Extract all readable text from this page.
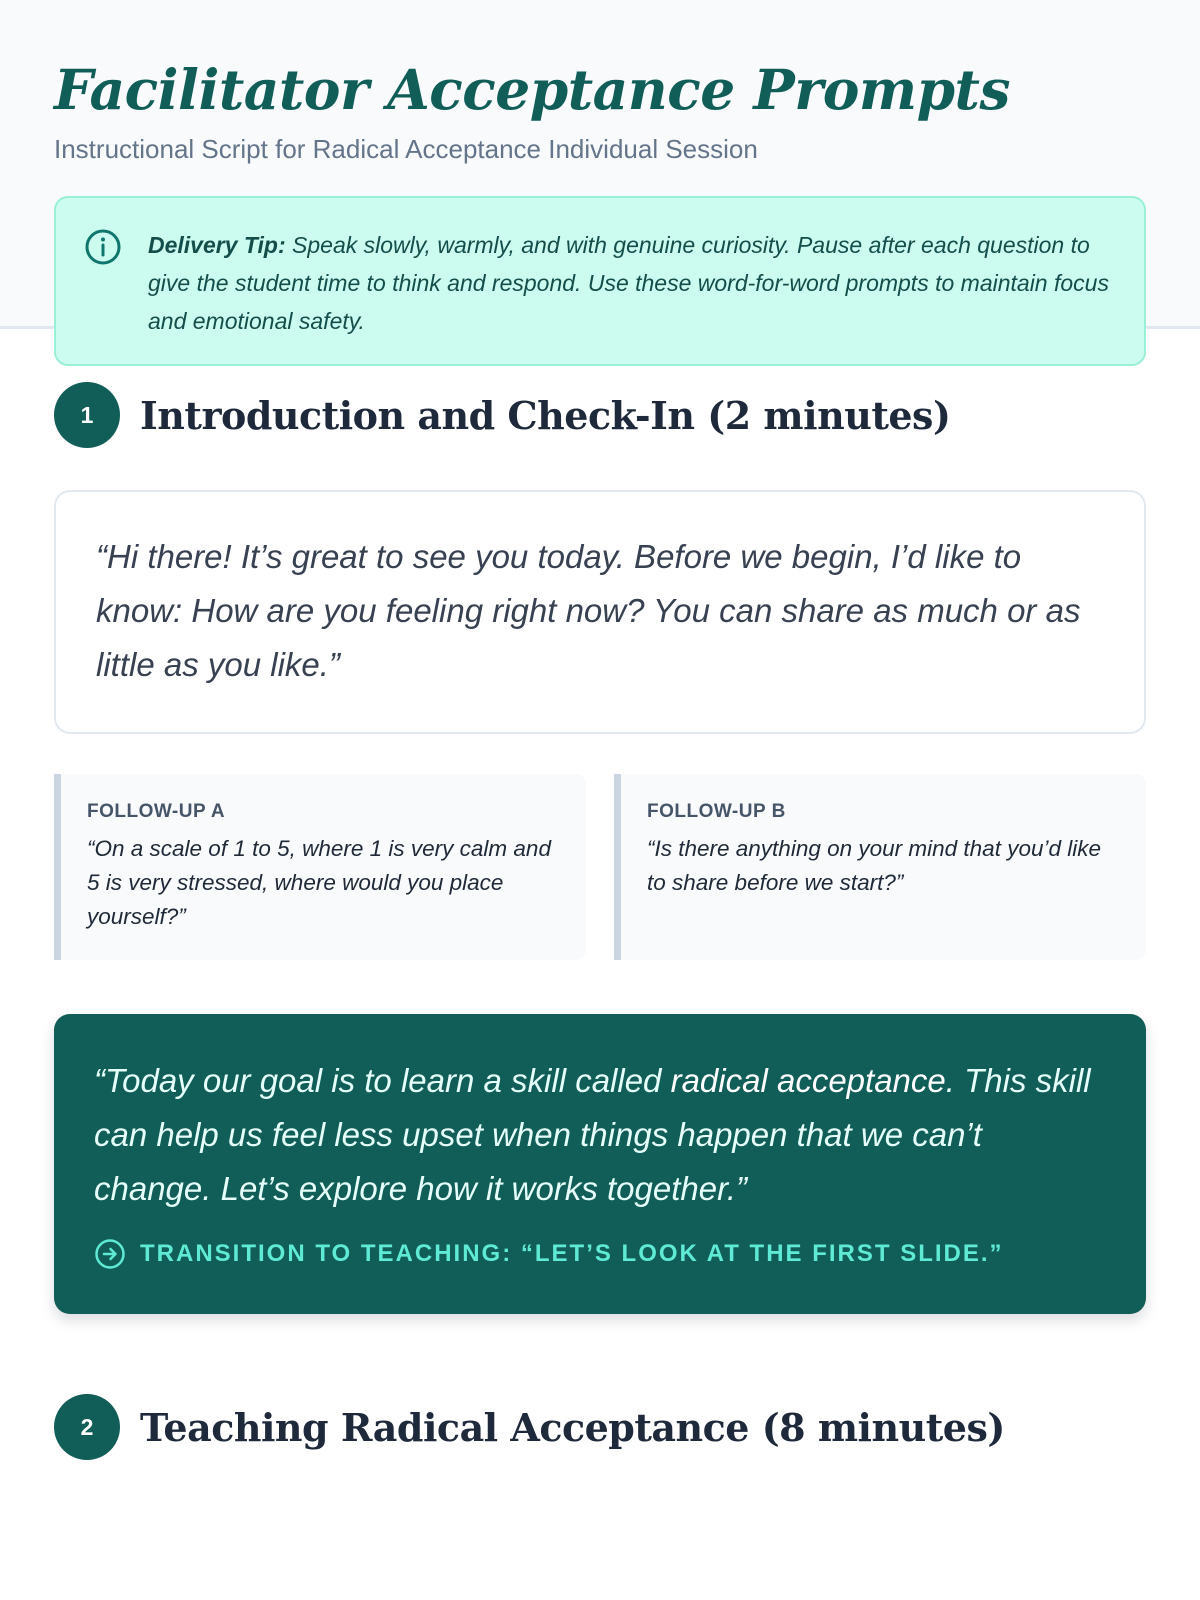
Facilitator Acceptance Prompts
Instructional Script for Radical Acceptance Individual Session
Delivery Tip: Speak slowly, warmly, and with genuine curiosity. Pause after each question to give the student time to think and respond. Use these word-for-word prompts to maintain focus and emotional safety.
1	Introduction and Check-In (2 minutes)
“Hi there! It’s great to see you today. Before we begin, I’d like to know: How are you feeling right now? You can share as much or as little as you like.”
FOLLOW-UP A
“On a scale of 1 to 5, where 1 is very calm and 5 is very stressed, where would you place yourself?”
FOLLOW-UP B
“Is there anything on your mind that you’d like to share before we start?”
“Today our goal is to learn a skill called radical acceptance. This skill can help us feel less upset when things happen that we can’t change. Let’s explore how it works together.”
TRANSITION TO TEACHING: “LET’S LOOK AT THE FIRST SLIDE.”
2	Teaching Radical Acceptance (8 minutes)
